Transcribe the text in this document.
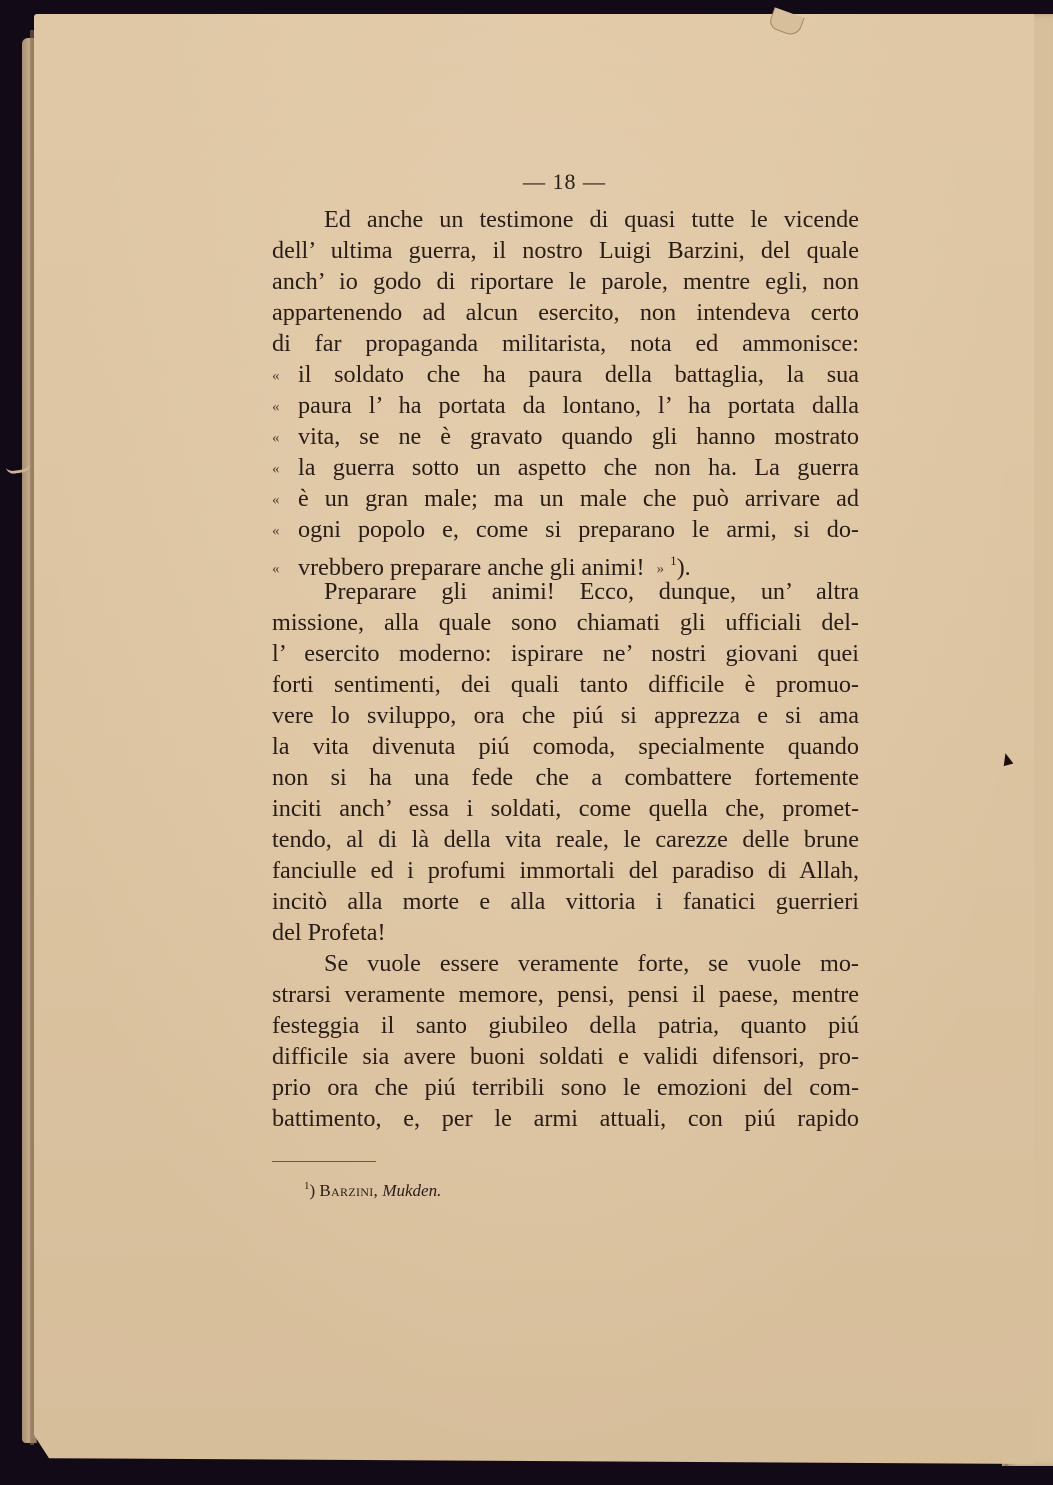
— 18 —
Ed anche un testimone di quasi tutte le vicende
dell’ ultima guerra, il nostro Luigi Barzini, del quale
anch’ io godo di riportare le parole, mentre egli, non
appartenendo ad alcun esercito, non intendeva certo
di far propaganda militarista, nota ed ammonisce:
« il soldato che ha paura della battaglia, la sua
« paura l’ ha portata da lontano, l’ ha portata dalla
« vita, se ne è gravato quando gli hanno mostrato
« la guerra sotto un aspetto che non ha. La guerra
« è un gran male; ma un male che può arrivare ad
« ogni popolo e, come si preparano le armi, si do-
« vrebbero preparare anche gli animi! » $^1$).
Preparare gli animi! Ecco, dunque, un’ altra
missione, alla quale sono chiamati gli ufficiali del-
l’ esercito moderno: ispirare ne’ nostri giovani quei
forti sentimenti, dei quali tanto difficile è promuo-
vere lo sviluppo, ora che piú si apprezza e si ama
la vita divenuta piú comoda, specialmente quando
non si ha una fede che a combattere fortemente
inciti anch’ essa i soldati, come quella che, promet-
tendo, al di là della vita reale, le carezze delle brune
fanciulle ed i profumi immortali del paradiso di Allah,
incitò alla morte e alla vittoria i fanatici guerrieri
del Profeta!
Se vuole essere veramente forte, se vuole mo-
strarsi veramente memore, pensi, pensi il paese, mentre
festeggia il santo giubileo della patria, quanto piú
difficile sia avere buoni soldati e validi difensori, pro-
prio ora che piú terribili sono le emozioni del com-
battimento, e, per le armi attuali, con piú rapido
$^1$) Barzini, Mukden.
